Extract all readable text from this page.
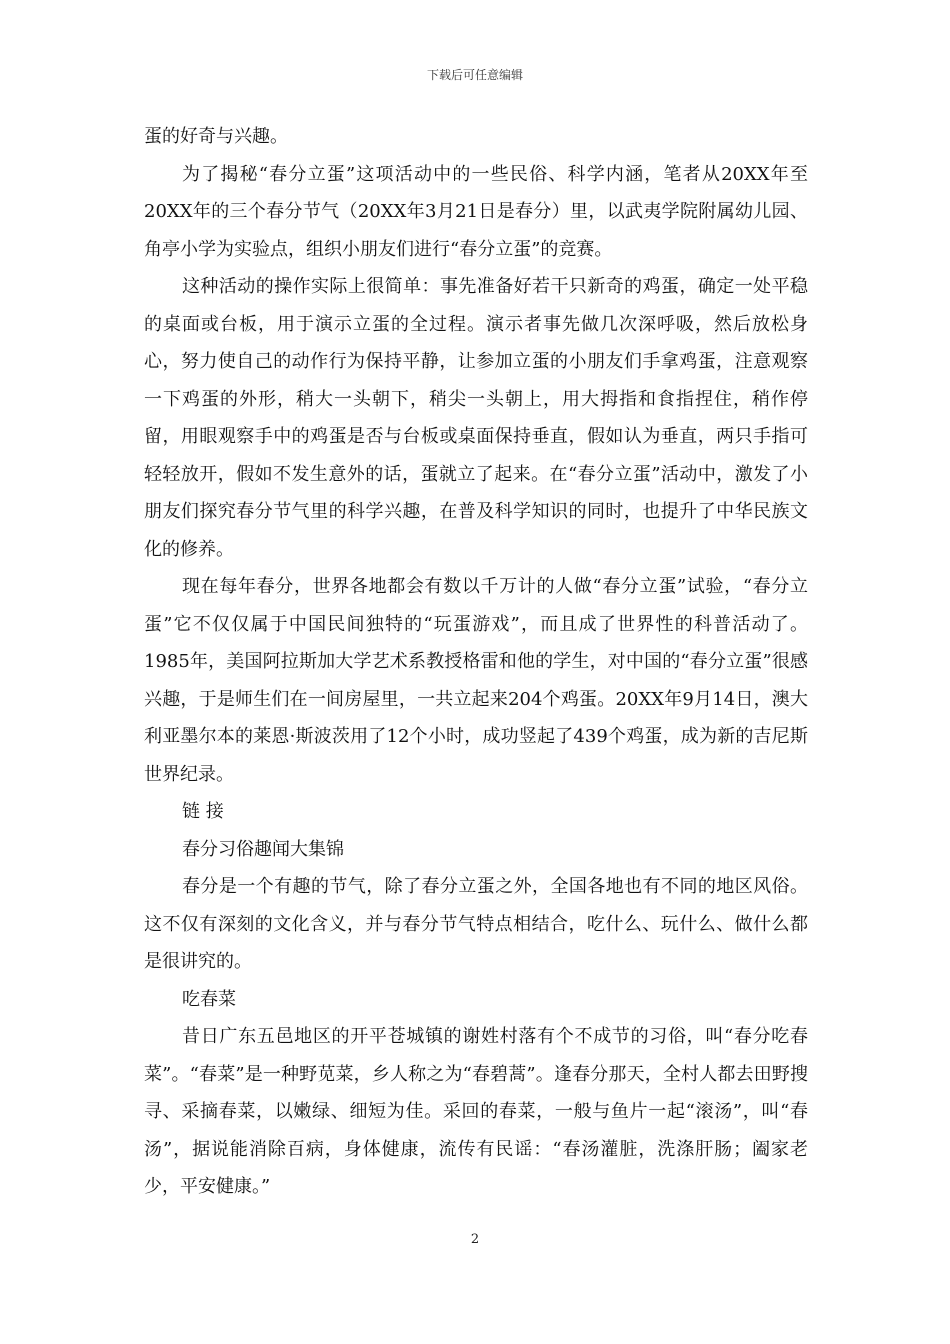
下载后可任意编辑

蛋的好奇与兴趣。

为了揭秘“春分立蛋”这项活动中的一些民俗、科学内涵，笔者从20XX年至20XX年的三个春分节气（20XX年3月21日是春分）里，以武夷学院附属幼儿园、角亭小学为实验点，组织小朋友们进行“春分立蛋”的竞赛。

这种活动的操作实际上很简单：事先准备好若干只新奇的鸡蛋，确定一处平稳的桌面或台板，用于演示立蛋的全过程。演示者事先做几次深呼吸，然后放松身心，努力使自己的动作行为保持平静，让参加立蛋的小朋友们手拿鸡蛋，注意观察一下鸡蛋的外形，稍大一头朝下，稍尖一头朝上，用大拇指和食指捏住，稍作停留，用眼观察手中的鸡蛋是否与台板或桌面保持垂直，假如认为垂直，两只手指可轻轻放开，假如不发生意外的话，蛋就立了起来。在“春分立蛋”活动中，激发了小朋友们探究春分节气里的科学兴趣，在普及科学知识的同时，也提升了中华民族文化的修养。

现在每年春分，世界各地都会有数以千万计的人做“春分立蛋”试验，“春分立蛋”它不仅仅属于中国民间独特的“玩蛋游戏”，而且成了世界性的科普活动了。1985年，美国阿拉斯加大学艺术系教授格雷和他的学生，对中国的“春分立蛋”很感兴趣，于是师生们在一间房屋里，一共立起来204个鸡蛋。20XX年9月14日，澳大利亚墨尔本的莱恩·斯波茨用了12个小时，成功竖起了439个鸡蛋，成为新的吉尼斯世界纪录。

链 接

春分习俗趣闻大集锦

春分是一个有趣的节气，除了春分立蛋之外，全国各地也有不同的地区风俗。这不仅有深刻的文化含义，并与春分节气特点相结合，吃什么、玩什么、做什么都是很讲究的。

吃春菜

昔日广东五邑地区的开平苍城镇的谢姓村落有个不成节的习俗，叫“春分吃春菜”。“春菜”是一种野苋菜，乡人称之为“春碧蒿”。逢春分那天，全村人都去田野搜寻、采摘春菜，以嫩绿、细短为佳。采回的春菜，一般与鱼片一起“滚汤”，叫“春汤”，据说能消除百病，身体健康，流传有民谣：“春汤灌脏，洗涤肝肠；阖家老少，平安健康。”

2
